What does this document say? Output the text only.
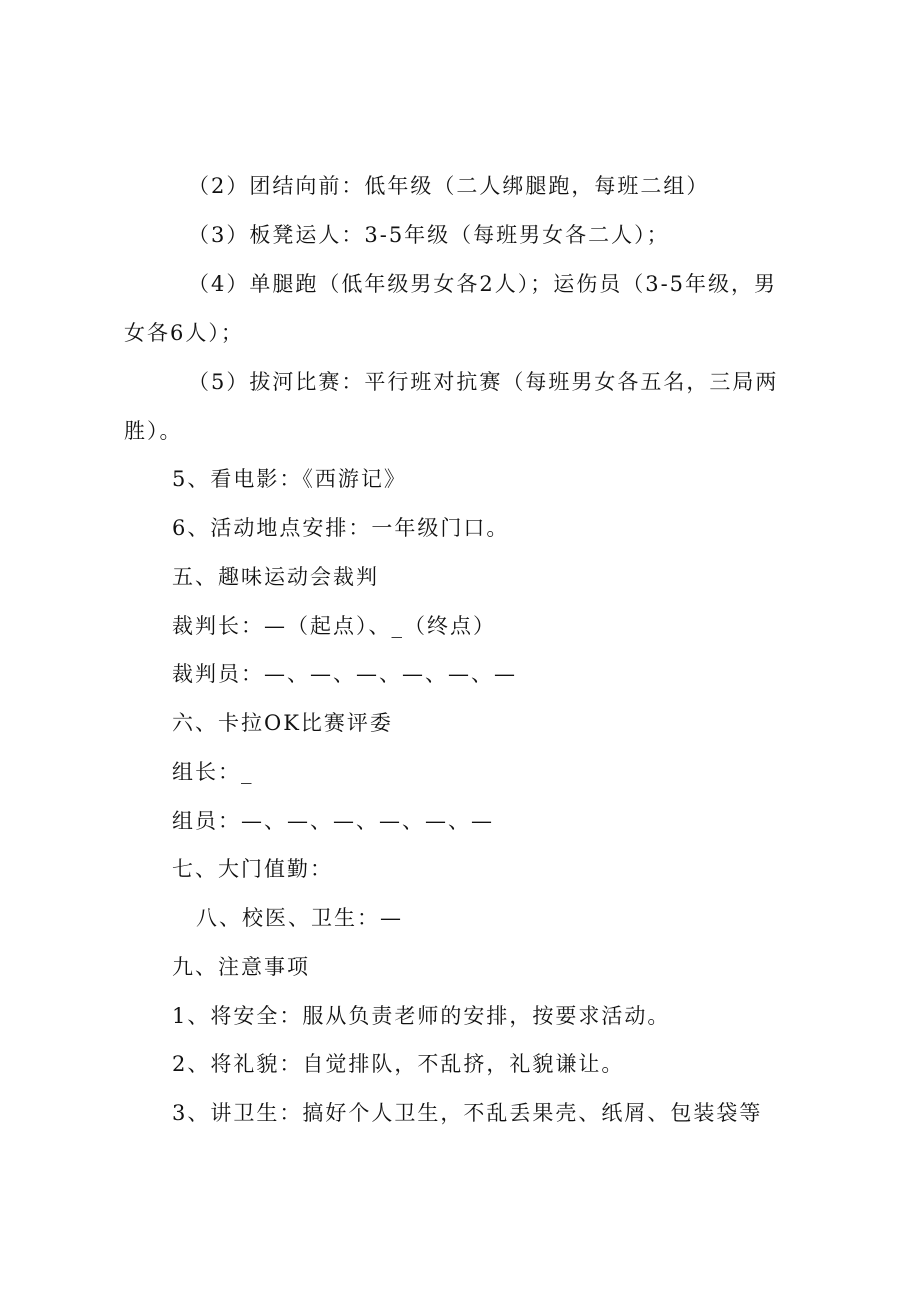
（2）团结向前：低年级（二人绑腿跑，每班二组）
（3）板凳运人：3-5年级（每班男女各二人）；
（4）单腿跑（低年级男女各2人）；运伤员（3-5年级，男
女各6人）；
（5）拔河比赛：平行班对抗赛（每班男女各五名，三局两
胜）。
5、看电影：《西游记》
6、活动地点安排：一年级门口。
五、趣味运动会裁判
裁判长：—（起点）、_（终点）
裁判员：—、—、—、—、—、—
六、卡拉OK比赛评委
组长：_
组员：—、—、—、—、—、—
七、大门值勤：
八、校医、卫生：—
九、注意事项
1、将安全：服从负责老师的安排，按要求活动。
2、将礼貌：自觉排队，不乱挤，礼貌谦让。
3、讲卫生：搞好个人卫生，不乱丢果壳、纸屑、包装袋等
